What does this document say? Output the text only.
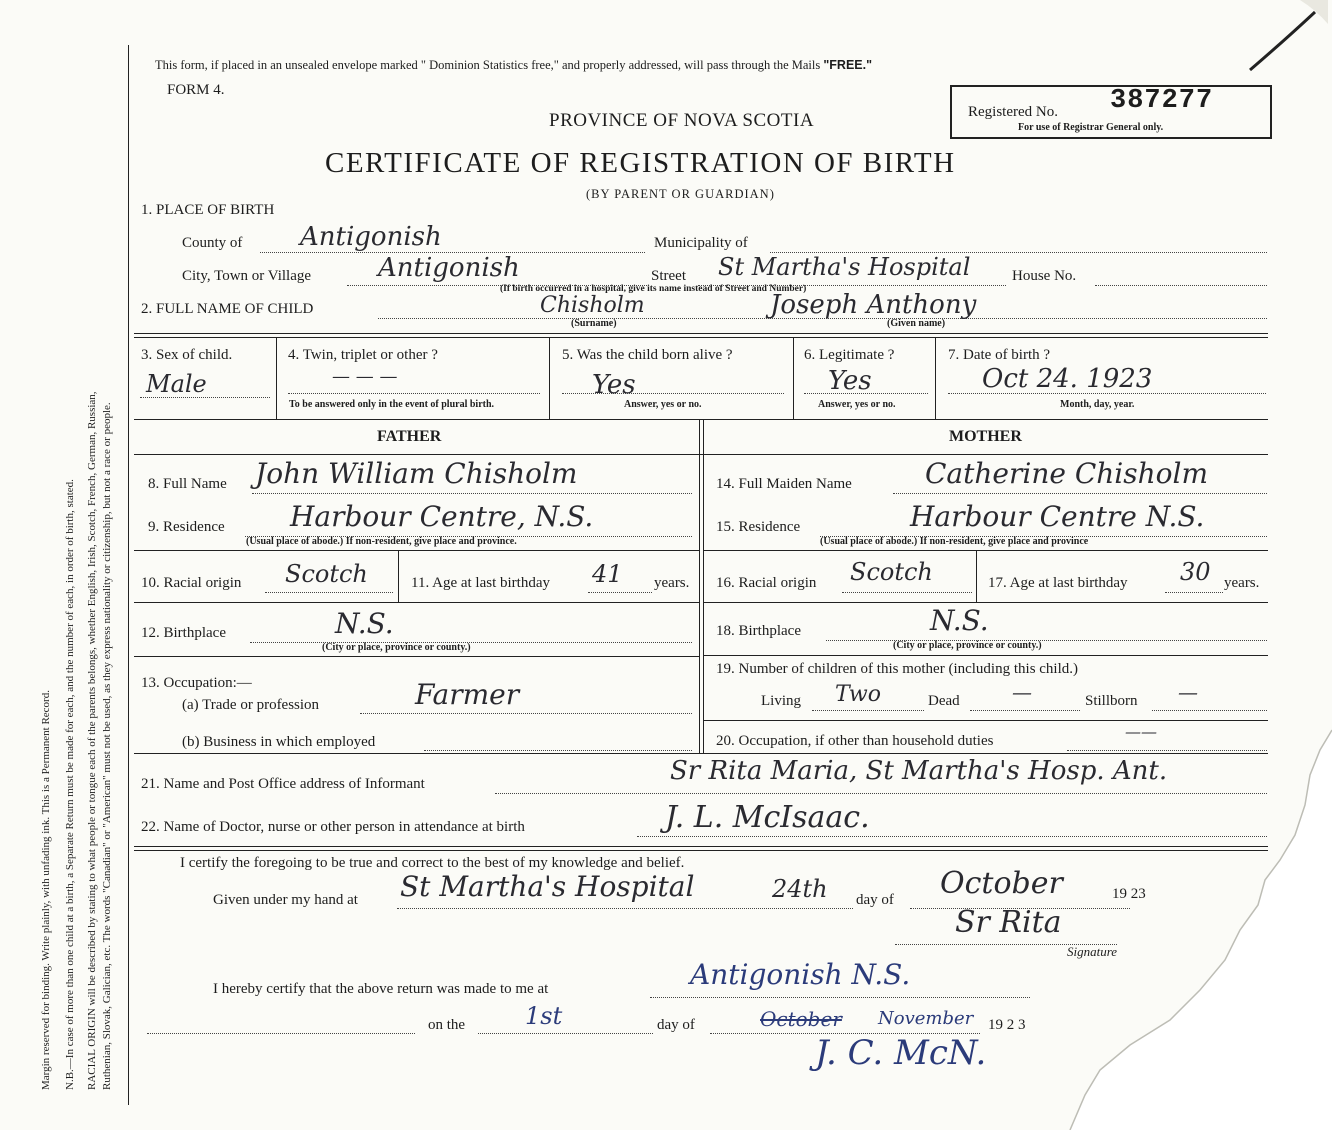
Margin reserved for binding. Write plainly, with unfading ink. This is a Permanent Record. N.B.—In case of more than one child at a birth, a Separate Return must be made for each, and the number of each, in order of birth, stated. RACIAL ORIGIN will be described by stating to what people or tongue each of the parents belongs, whether English, Irish, Scotch, French, German, Russian, Ruthenian, Slovak, Galician, etc. The words "Canadian" or "American" must not be used, as they express nationality or citizenship, but not a race or people.
This form, if placed in an unsealed envelope marked " Dominion Statistics free," and properly addressed, will pass through the Mails "FREE."
FORM 4.
PROVINCE OF NOVA SCOTIA
CERTIFICATE OF REGISTRATION OF BIRTH
(BY PARENT OR GUARDIAN)
Registered No. 387277
For use of Registrar General only.
1. PLACE OF BIRTH
County of Antigonish	Municipality of
City, Town or Village	Antigonish	Street St Martha's Hospital	House No.
(If birth occurred in a hospital, give its name instead of Street and Number)
2. FULL NAME OF CHILD	Chisholm	Joseph Anthony
(Surname)	(Given name)
3. Sex of child.
Male
4. Twin, triplet or other ?
— — —
To be answered only in the event of plural birth.
5. Was the child born alive ?
Yes
Answer, yes or no.
6. Legitimate ?
Yes
Answer, yes or no.
7. Date of birth ?
Oct 24. 1923
Month, day, year.
FATHER	MOTHER
8. Full Name John William Chisholm
9. Residence Harbour Centre, N.S.
(Usual place of abode.) If non-resident, give place and province.
10. Racial origin Scotch	11. Age at last birthday 41 years.
12. Birthplace	N.S.
(City or place, province or county.)
13. Occupation:—
(a) Trade or profession	Farmer
(b) Business in which employed
14. Full Maiden Name	Catherine Chisholm
15. Residence	Harbour Centre N.S.
(Usual place of abode.) If non-resident, give place and province
16. Racial origin Scotch	17. Age at last birthday 30 years.
18. Birthplace	N.S.
(City or place, province or county.)
19. Number of children of this mother (including this child.)
Living Two	Dead	—	Stillborn —
20. Occupation, if other than household duties	——
21. Name and Post Office address of Informant	Sr Rita Maria, St Martha's Hosp. Ant.
22. Name of Doctor, nurse or other person in attendance at birth	J. L. McIsaac.
I certify the foregoing to be true and correct to the best of my knowledge and belief.
Given under my hand at St Martha's Hospital	24th day of October	19 23
Sr Rita
Signature
I hereby certify that the above return was made to me at	Antigonish N.S.
on the 1st	day of	October November 19 2 3
J. C. McN.
